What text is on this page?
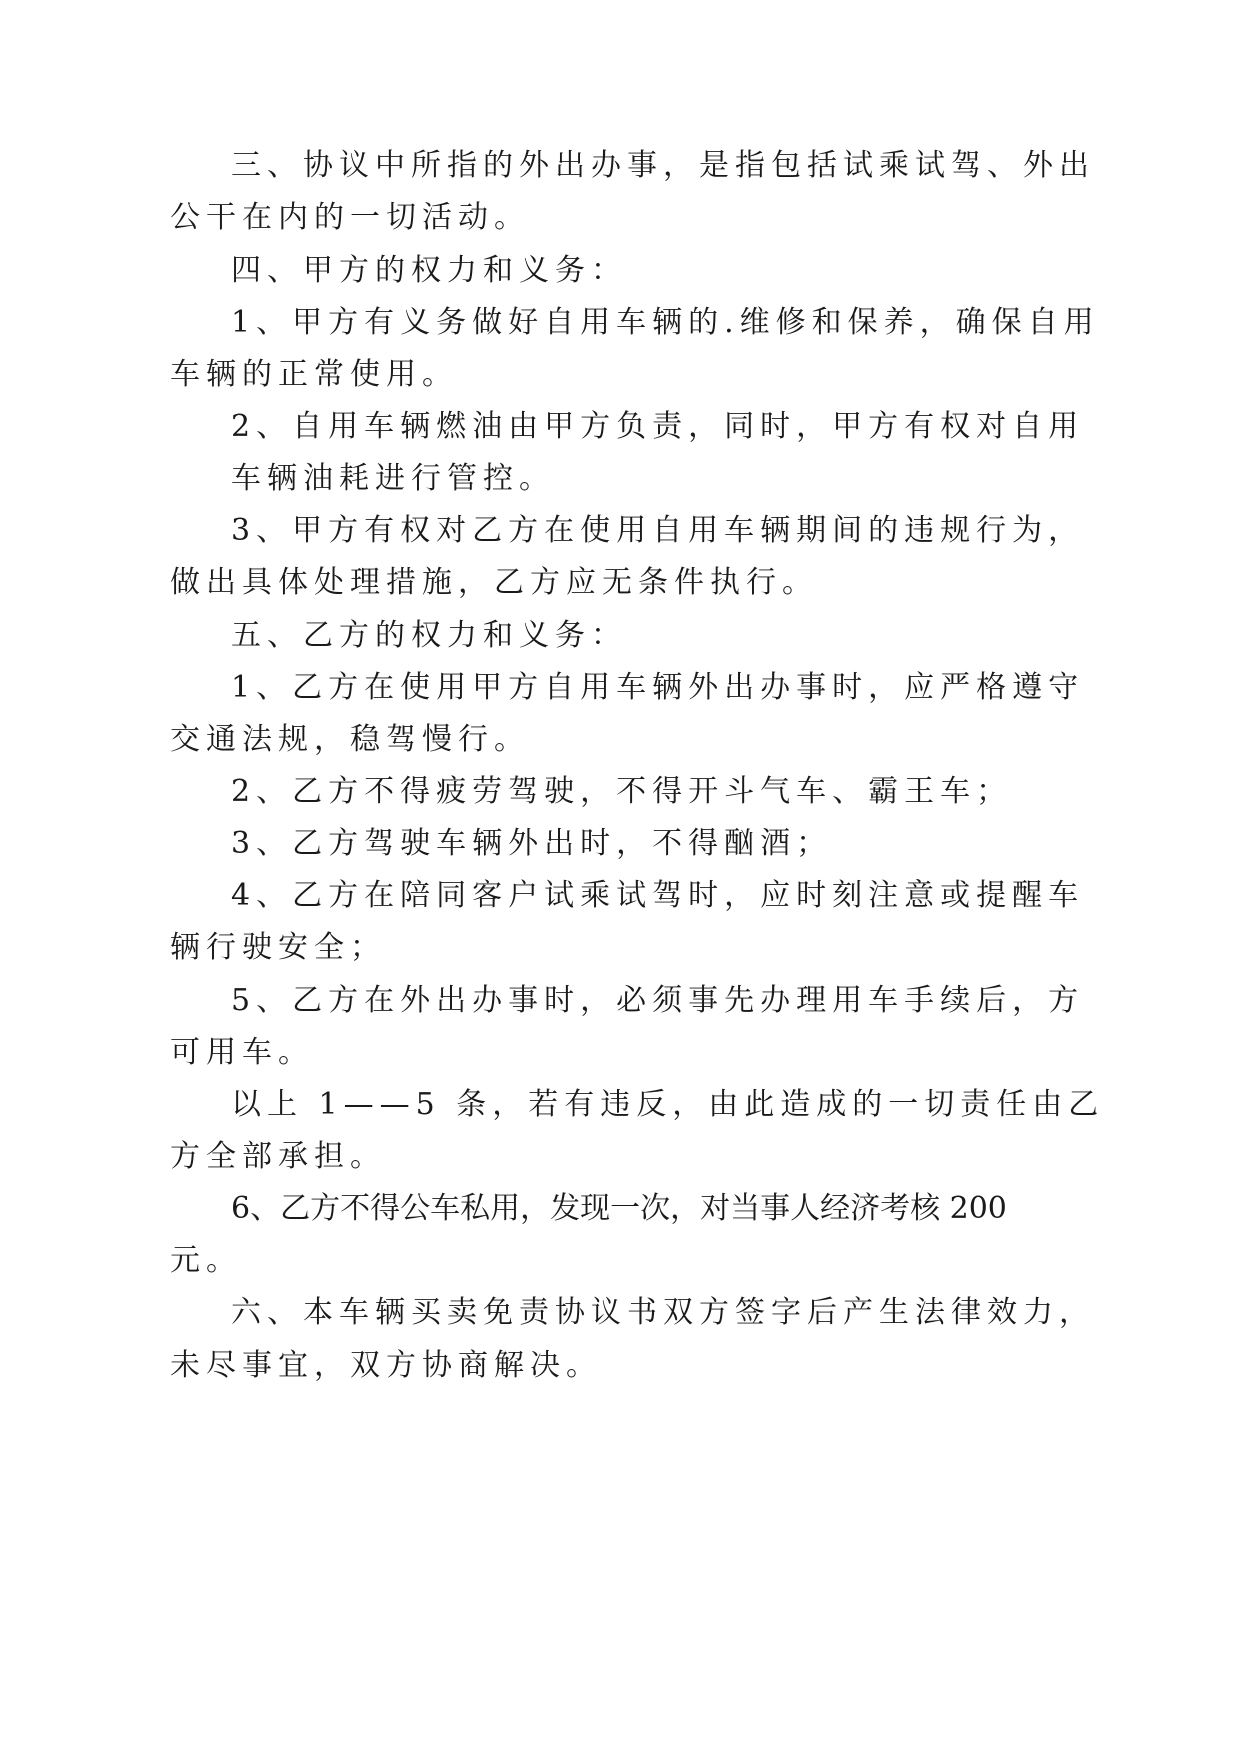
三、协议中所指的外出办事，是指包括试乘试驾、外出
公干在内的一切活动。
四、甲方的权力和义务：
1、甲方有义务做好自用车辆的.维修和保养，确保自用
车辆的正常使用。
2、自用车辆燃油由甲方负责，同时，甲方有权对自用
车辆油耗进行管控。
3、甲方有权对乙方在使用自用车辆期间的违规行为，
做出具体处理措施，乙方应无条件执行。
五、乙方的权力和义务：
1、乙方在使用甲方自用车辆外出办事时，应严格遵守
交通法规，稳驾慢行。
2、乙方不得疲劳驾驶，不得开斗气车、霸王车；
3、乙方驾驶车辆外出时，不得酗酒；
4、乙方在陪同客户试乘试驾时，应时刻注意或提醒车
辆行驶安全；
5、乙方在外出办事时，必须事先办理用车手续后，方
可用车。
以上 1——5 条，若有违反，由此造成的一切责任由乙
方全部承担。
6、乙方不得公车私用，发现一次，对当事人经济考核 200
元。
六、本车辆买卖免责协议书双方签字后产生法律效力，
未尽事宜，双方协商解决。
